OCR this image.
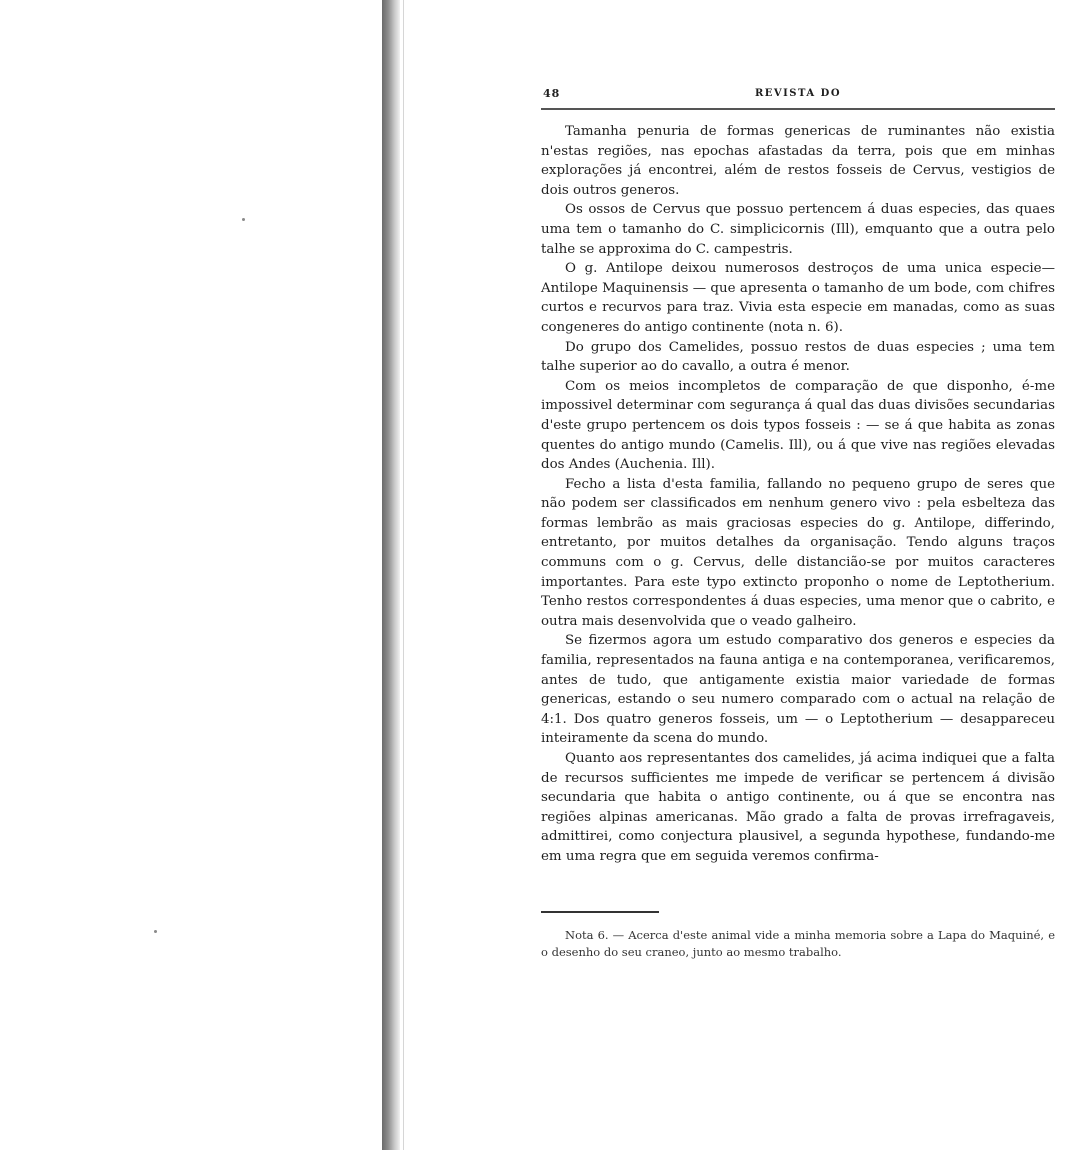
48	REVISTA DO

Tamanha penuria de formas genericas de ruminantes não existia n'estas regiões, nas epochas afastadas da terra, pois que em minhas explorações já encontrei, além de restos fosseis de Cervus, vestigios de dois outros generos.

Os ossos de Cervus que possuo pertencem á duas especies, das quaes uma tem o tamanho do C. simplicicornis (Ill), emquanto que a outra pelo talhe se approxima do C. campestris.

O g. Antilope deixou numerosos destroços de uma unica especie— Antilope Maquinensis — que apresenta o tamanho de um bode, com chifres curtos e recurvos para traz. Vivia esta especie em manadas, como as suas congeneres do antigo continente (nota n. 6).

Do grupo dos Camelides, possuo restos de duas especies ; uma tem talhe superior ao do cavallo, a outra é menor.

Com os meios incompletos de comparação de que disponho, é-me impossivel determinar com segurança á qual das duas divisões secundarias d'este grupo pertencem os dois typos fosseis : — se á que habita as zonas quentes do antigo mundo (Camelis. Ill), ou á que vive nas regiões elevadas dos Andes (Auchenia. Ill).

Fecho a lista d'esta familia, fallando no pequeno grupo de seres que não podem ser classificados em nenhum genero vivo : pela esbelteza das formas lembrão as mais graciosas especies do g. Antilope, differindo, entretanto, por muitos detalhes da organisação. Tendo alguns traços communs com o g. Cervus, delle distancião-se por muitos caracteres importantes. Para este typo extincto proponho o nome de Leptotherium. Tenho restos correspondentes á duas especies, uma menor que o cabrito, e outra mais desenvolvida que o veado galheiro.

Se fizermos agora um estudo comparativo dos generos e especies da familia, representados na fauna antiga e na contemporanea, verificaremos, antes de tudo, que antigamente existia maior variedade de formas genericas, estando o seu numero comparado com o actual na relação de 4:1. Dos quatro generos fosseis, um — o Leptotherium — desappareceu inteiramente da scena do mundo.

Quanto aos representantes dos camelides, já acima indiquei que a falta de recursos sufficientes me impede de verificar se pertencem á divisão secundaria que habita o antigo continente, ou á que se encontra nas regiões alpinas americanas. Mão grado a falta de provas irrefragaveis, admittirei, como conjectura plausivel, a segunda hypothese, fundando-me em uma regra que em seguida veremos confirma-

Nota 6. — Acerca d'este animal vide a minha memoria sobre a Lapa do Maquiné, e o desenho do seu craneo, junto ao mesmo trabalho.
